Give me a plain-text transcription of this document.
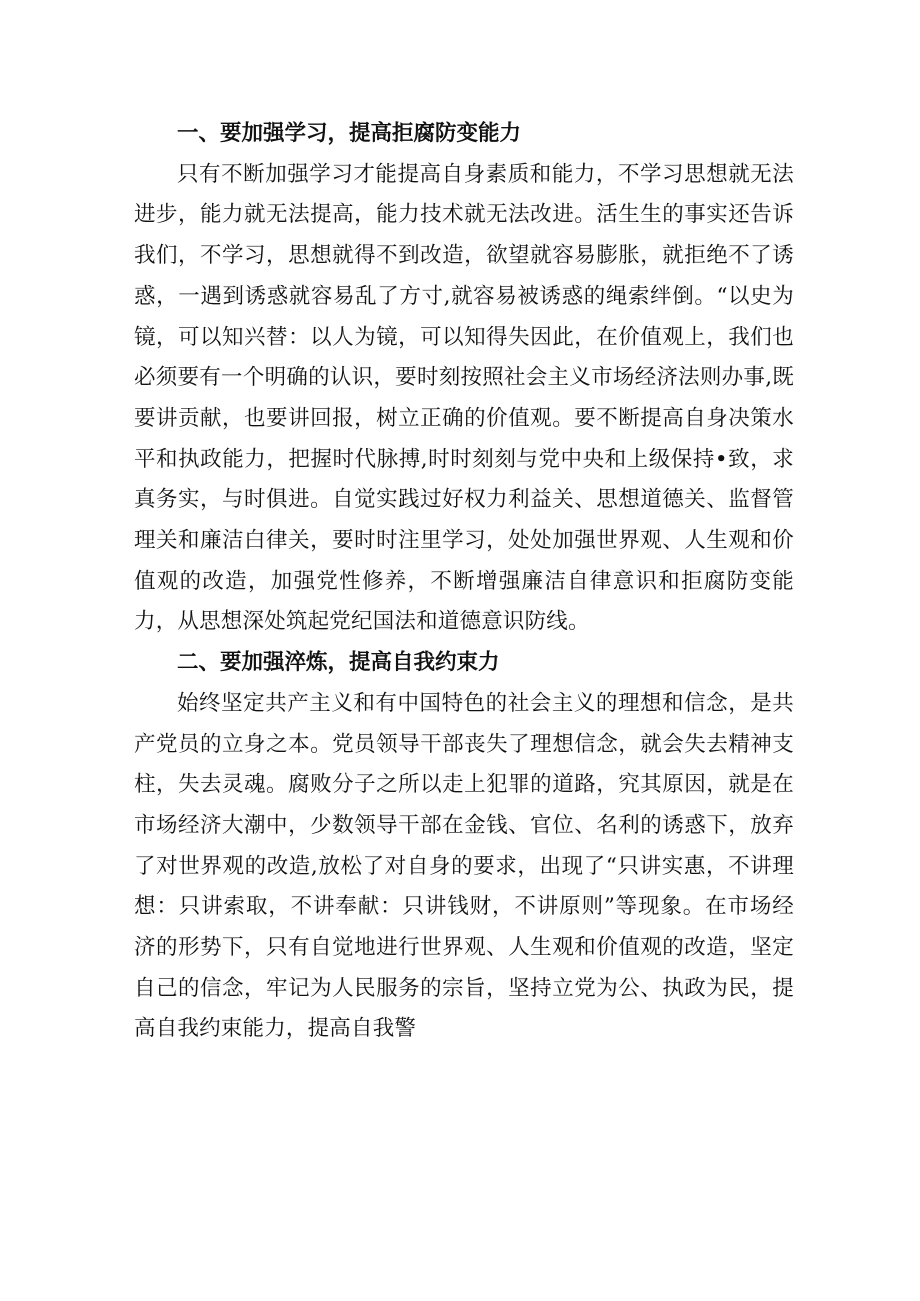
一、要加强学习，提高拒腐防变能力

只有不断加强学习才能提高自身素质和能力，不学习思想就无法进步，能力就无法提高，能力技术就无法改进。活生生的事实还告诉我们，不学习，思想就得不到改造，欲望就容易膨胀，就拒绝不了诱惑，一遇到诱惑就容易乱了方寸,就容易被诱惑的绳索绊倒。“以史为镜，可以知兴替：以人为镜，可以知得失因此，在价值观上，我们也必须要有一个明确的认识，要时刻按照社会主义市场经济法则办事,既要讲贡献，也要讲回报，树立正确的价值观。要不断提高自身决策水平和执政能力，把握时代脉搏,时时刻刻与党中央和上级保持•致，求真务实，与时俱进。自觉实践过好权力利益关、思想道德关、监督管理关和廉洁白律关，要时时注里学习，处处加强世界观、人生观和价值观的改造，加强党性修养，不断增强廉洁自律意识和拒腐防变能力，从思想深处筑起党纪国法和道德意识防线。

二、要加强淬炼，提高自我约束力

始终坚定共产主义和有中国特色的社会主义的理想和信念，是共产党员的立身之本。党员领导干部丧失了理想信念，就会失去精神支柱，失去灵魂。腐败分子之所以走上犯罪的道路，究其原因，就是在市场经济大潮中，少数领导干部在金钱、官位、名利的诱惑下，放弃了对世界观的改造,放松了对自身的要求，出现了“只讲实惠，不讲理想：只讲索取，不讲奉献：只讲钱财，不讲原则”等现象。在市场经济的形势下，只有自觉地进行世界观、人生观和价值观的改造，坚定自己的信念，牢记为人民服务的宗旨，坚持立党为公、执政为民，提高自我约束能力，提高自我警
